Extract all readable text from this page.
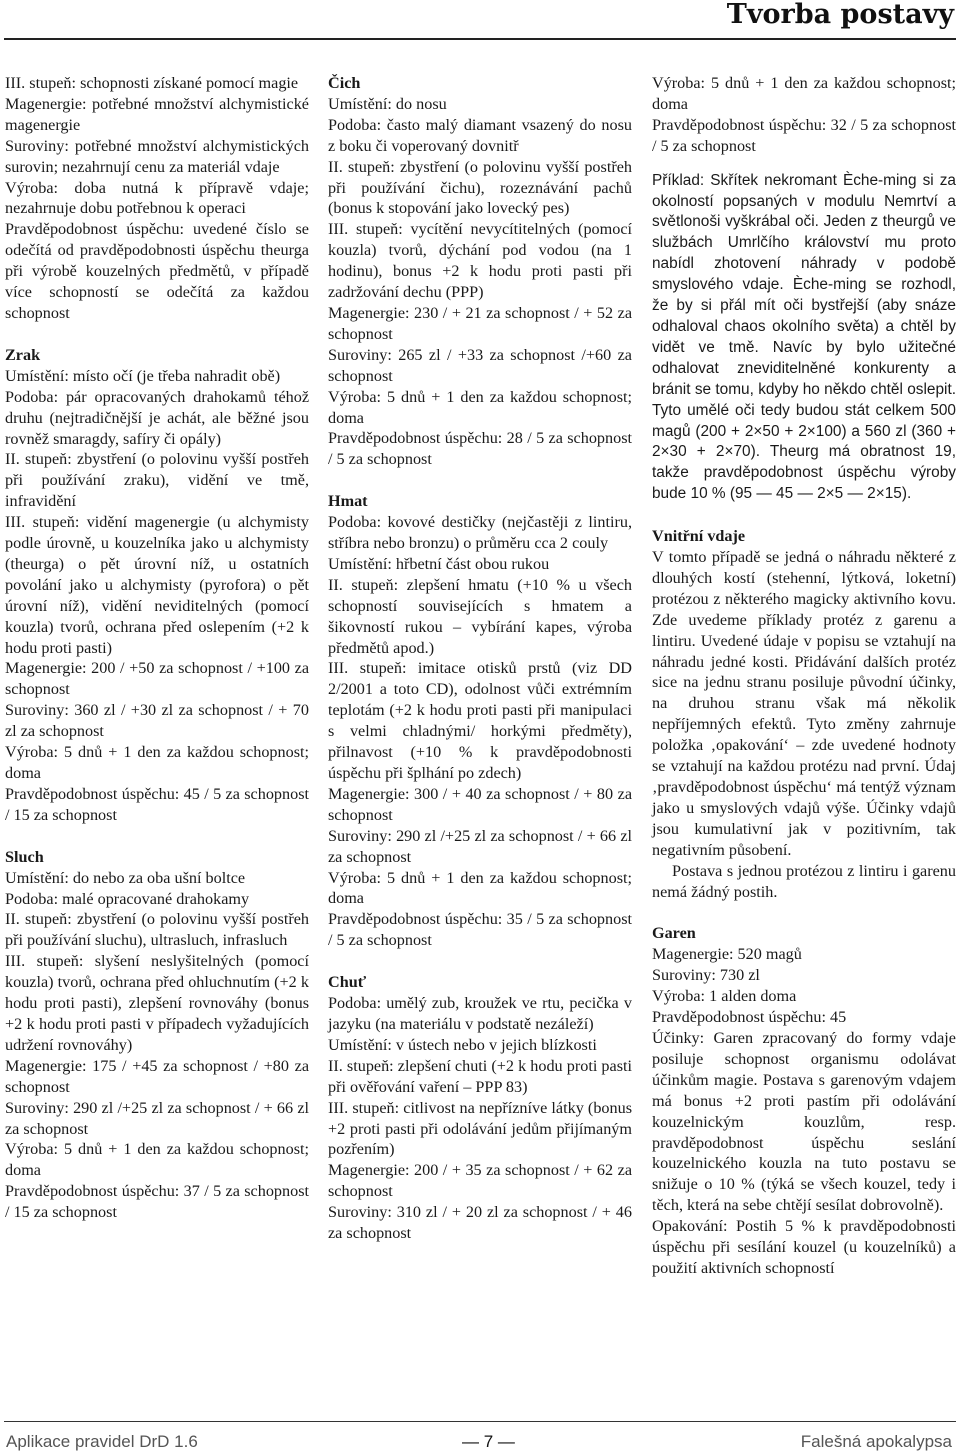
Tvorba postavy

III. stupeň: schopnosti získané pomocí magie

Magenergie: potřebné množství alchymistické magenergie

Suroviny: potřebné množství alchymistických surovin; nezahrnují cenu za materiál vdaje

Výroba: doba nutná k přípravě vdaje; nezahrnuje dobu potřebnou k operaci

Pravděpodobnost úspěchu: uvedené číslo se odečítá od pravděpodobnosti úspěchu theurga při výrobě kouzelných předmětů, v případě více schopností se odečítá za každou schopnost

Zrak

Umístění: místo očí (je třeba nahradit obě)

Podoba: pár opracovaných drahokamů téhož druhu (nejtradičnější je achát, ale běžné jsou rovněž smaragdy, safíry či opály)

II. stupeň: zbystření (o polovinu vyšší postřeh při používání zraku), vidění ve tmě, infravidění

III. stupeň: vidění magenergie (u alchymisty podle úrovně, u kouzelníka jako u alchymisty (theurga) o pět úrovní níž, u ostatních povolání jako u alchymisty (pyrofora) o pět úrovní níž), vidění neviditelných (pomocí kouzla) tvorů, ochrana před oslepením (+2 k hodu proti pasti)

Magenergie: 200 / +50 za schopnost / +100 za schopnost

Suroviny: 360 zl / +30 zl za schopnost / + 70 zl za schopnost

Výroba: 5 dnů + 1 den za každou schopnost; doma

Pravděpodobnost úspěchu: 45 / 5 za schopnost / 15 za schopnost

Sluch

Umístění: do nebo za oba ušní boltce

Podoba: malé opracované drahokamy

II. stupeň: zbystření (o polovinu vyšší postřeh při používání sluchu), ultrasluch, infrasluch

III. stupeň: slyšení neslyšitelných (pomocí kouzla) tvorů, ochrana před ohluchnutím (+2 k hodu proti pasti), zlepšení rovnováhy (bonus +2 k hodu proti pasti v případech vyžadujících udržení rovnováhy)

Magenergie: 175 / +45 za schopnost / +80 za schopnost

Suroviny: 290 zl /+25 zl za schopnost / + 66 zl za schopnost

Výroba: 5 dnů + 1 den za každou schopnost; doma

Pravděpodobnost úspěchu: 37 / 5 za schopnost / 15 za schopnost

Čich

Umístění: do nosu

Podoba: často malý diamant vsazený do nosu z boku či voperovaný dovnitř

II. stupeň: zbystření (o polovinu vyšší postřeh při používání čichu), rozeznávání pachů (bonus k stopování jako lovecký pes)

III. stupeň: vycítění nevycítitelných (pomocí kouzla) tvorů, dýchání pod vodou (na 1 hodinu), bonus +2 k hodu proti pasti při zadržování dechu (PPP)

Magenergie: 230 / + 21 za schopnost / + 52 za schopnost

Suroviny: 265 zl / +33 za schopnost /+60 za schopnost

Výroba: 5 dnů + 1 den za každou schopnost; doma

Pravděpodobnost úspěchu: 28 / 5 za schopnost / 5 za schopnost

Hmat

Podoba: kovové destičky (nejčastěji z lintiru, stříbra nebo bronzu) o průměru cca 2 couly

Umístění: hřbetní část obou rukou

II. stupeň: zlepšení hmatu (+10 % u všech schopností souvisejících s hmatem a šikovností rukou – vybírání kapes, výroba předmětů apod.)

III. stupeň: imitace otisků prstů (viz DD 2/2001 a toto CD), odolnost vůči extrémním teplotám (+2 k hodu proti pasti při manipulaci s velmi chladnými/ horkými předměty), přilnavost (+10 % k pravděpodobnosti úspěchu při šplhání po zdech)

Magenergie: 300 / + 40 za schopnost / + 80 za schopnost

Suroviny: 290 zl /+25 zl za schopnost / + 66 zl za schopnost

Výroba: 5 dnů + 1 den za každou schopnost; doma

Pravděpodobnost úspěchu: 35 / 5 za schopnost / 5 za schopnost

Chuť

Podoba: umělý zub, kroužek ve rtu, pecička v jazyku (na materiálu v podstatě nezáleží)

Umístění: v ústech nebo v jejich blízkosti

II. stupeň: zlepšení chuti (+2 k hodu proti pasti při ověřování vaření – PPP 83)

III. stupeň: citlivost na nepřízníve látky (bonus +2 proti pasti při odolávání jedům přijímaným pozřením)

Magenergie: 200 / + 35 za schopnost / + 62 za schopnost

Suroviny: 310 zl / + 20 zl za schopnost / + 46 za schopnost

Výroba: 5 dnů + 1 den za každou schopnost; doma

Pravděpodobnost úspěchu: 32 / 5 za schopnost / 5 za schopnost

Příklad: Skřítek nekromant Èche-ming si za okolností popsaných v modulu Nemrtví a světlonoši vyškrábal oči. Jeden z theurgů ve službách Umrlčího království mu proto nabídl zhotovení náhrady v podobě smyslového vdaje. Èche-ming se rozhodl, že by si přál mít oči bystřejší (aby snáze odhaloval chaos okolního světa) a chtěl by vidět ve tmě. Navíc by bylo užitečné odhalovat zneviditelněné konkurenty a bránit se tomu, kdyby ho někdo chtěl oslepit. Tyto umělé oči tedy budou stát celkem 500 magů (200 + 2×50 + 2×100) a 560 zl (360 + 2×30 + 2×70). Theurg má obratnost 19, takže pravděpodobnost úspěchu výroby bude 10 % (95 — 45 — 2×5 — 2×15).

Vnitřní vdaje

V tomto případě se jedná o náhradu některé z dlouhých kostí (stehenní, lýtková, loketní) protézou z některého magicky aktivního kovu. Zde uvedeme příklady protéz z garenu a lintiru. Uvedené údaje v popisu se vztahují na náhradu jedné kosti. Přidávání dalších protéz sice na jednu stranu posiluje původní účinky, na druhou stranu však má několik nepříjemných efektů. Tyto změny zahrnuje položka ‚opakování‘ – zde uvedené hodnoty se vztahují na každou protézu nad první. Údaj ‚pravděpodobnost úspěchu‘ má tentýž význam jako u smyslových vdajů výše. Účinky vdajů jsou kumulativní jak v pozitivním, tak negativním působení.

Postava s jednou protézou z lintiru i garenu nemá žádný postih.

Garen

Magenergie: 520 magů

Suroviny: 730 zl

Výroba: 1 alden doma

Pravděpodobnost úspěchu: 45

Účinky: Garen zpracovaný do formy vdaje posiluje schopnost organismu odolávat účinkům magie. Postava s garenovým vdajem má bonus +2 proti pastím při odolávání kouzelnickým kouzlům, resp. pravděpodobnost úspěchu seslání kouzelnického kouzla na tuto postavu se snižuje o 10 % (týká se všech kouzel, tedy i těch, která na sebe chtějí sesílat dobrovolně).

Opakování: Postih 5 % k pravděpodobnosti úspěchu při sesílání kouzel (u kouzelníků) a použití aktivních schopností

Aplikace pravidel DrD 1.6	— 7 —	Falešná apokalypsa
